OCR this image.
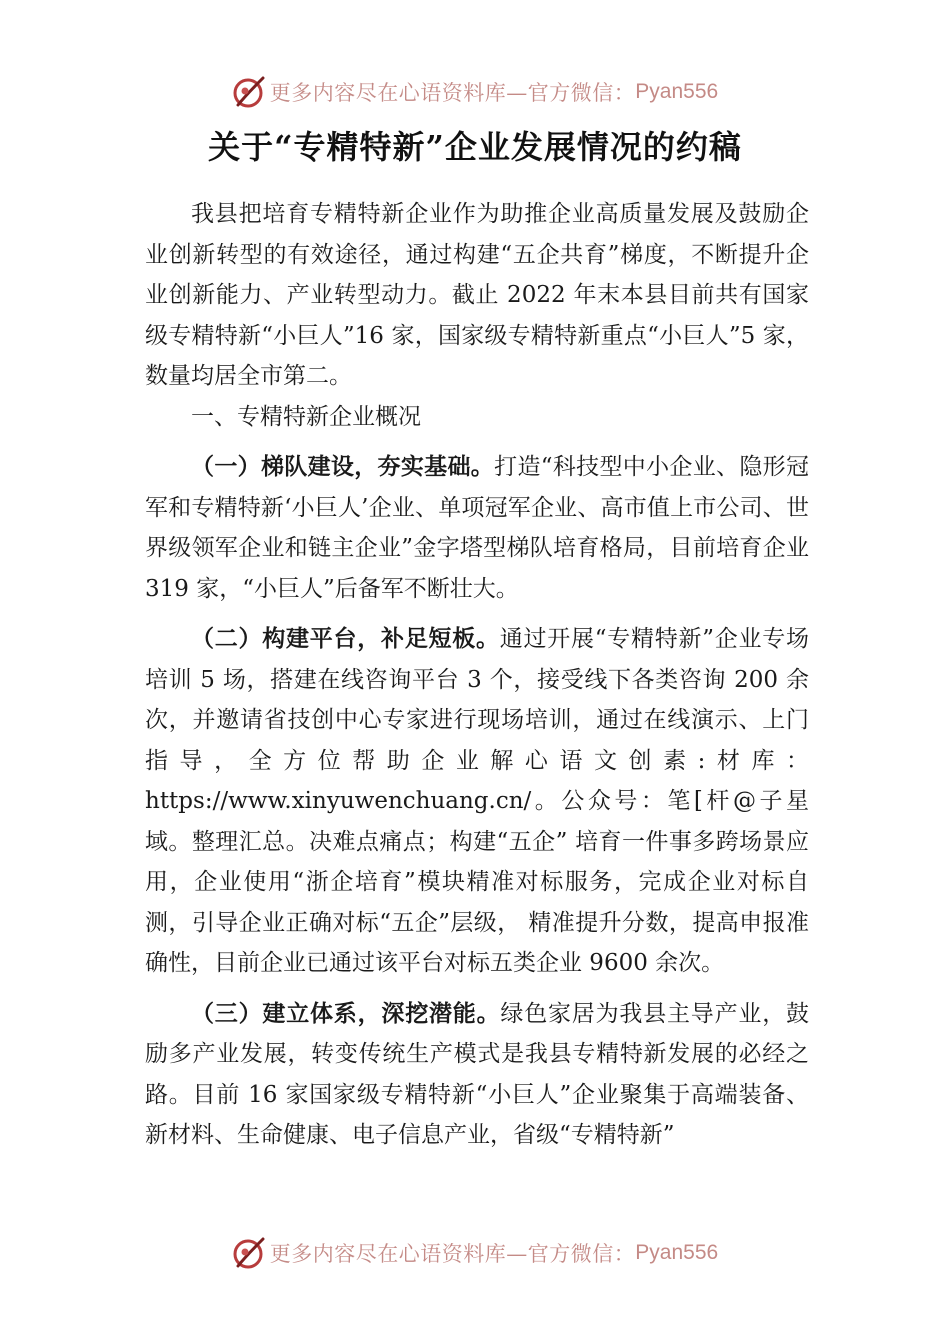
更多内容尽在心语资料库—官方微信： Pyan556
关于“专精特新”企业发展情况的约稿

我县把培育专精特新企业作为助推企业高质量发展及鼓励企业创新转型的有效途径，通过构建“五企共育”梯度，不断提升企业创新能力、产业转型动力。截止 2022 年末本县目前共有国家级专精特新“小巨人”16 家，国家级专精特新重点“小巨人”5 家，数量均居全市第二。

一、专精特新企业概况

（一）梯队建设，夯实基础。打造“科技型中小企业、隐形冠军和专精特新‘小巨人’企业、单项冠军企业、高市值上市公司、世界级领军企业和链主企业”金字塔型梯队培育格局，目前培育企业 319 家，“小巨人”后备军不断壮大。

（二）构建平台，补足短板。通过开展“专精特新”企业专场培训 5 场，搭建在线咨询平台 3 个，接受线下各类咨询 200 余次，并邀请省技创中心专家进行现场培训，通过在线演示、上门指导，全方位帮助企业解心语文创素:材库：https://www.xinyuwenchuang.cn/。公众号：笔[杆@子星域。整理汇总。决难点痛点；构建“五企” 培育一件事多跨场景应用，企业使用“浙企培育”模块精准对标服务，完成企业对标自测，引导企业正确对标“五企”层级， 精准提升分数，提高申报准确性，目前企业已通过该平台对标五类企业 9600 余次。

（三）建立体系，深挖潜能。绿色家居为我县主导产业，鼓励多产业发展，转变传统生产模式是我县专精特新发展的必经之路。目前 16 家国家级专精特新“小巨人”企业聚集于高端装备、新材料、生命健康、电子信息产业，省级“专精特新”

更多内容尽在心语资料库—官方微信： Pyan556
